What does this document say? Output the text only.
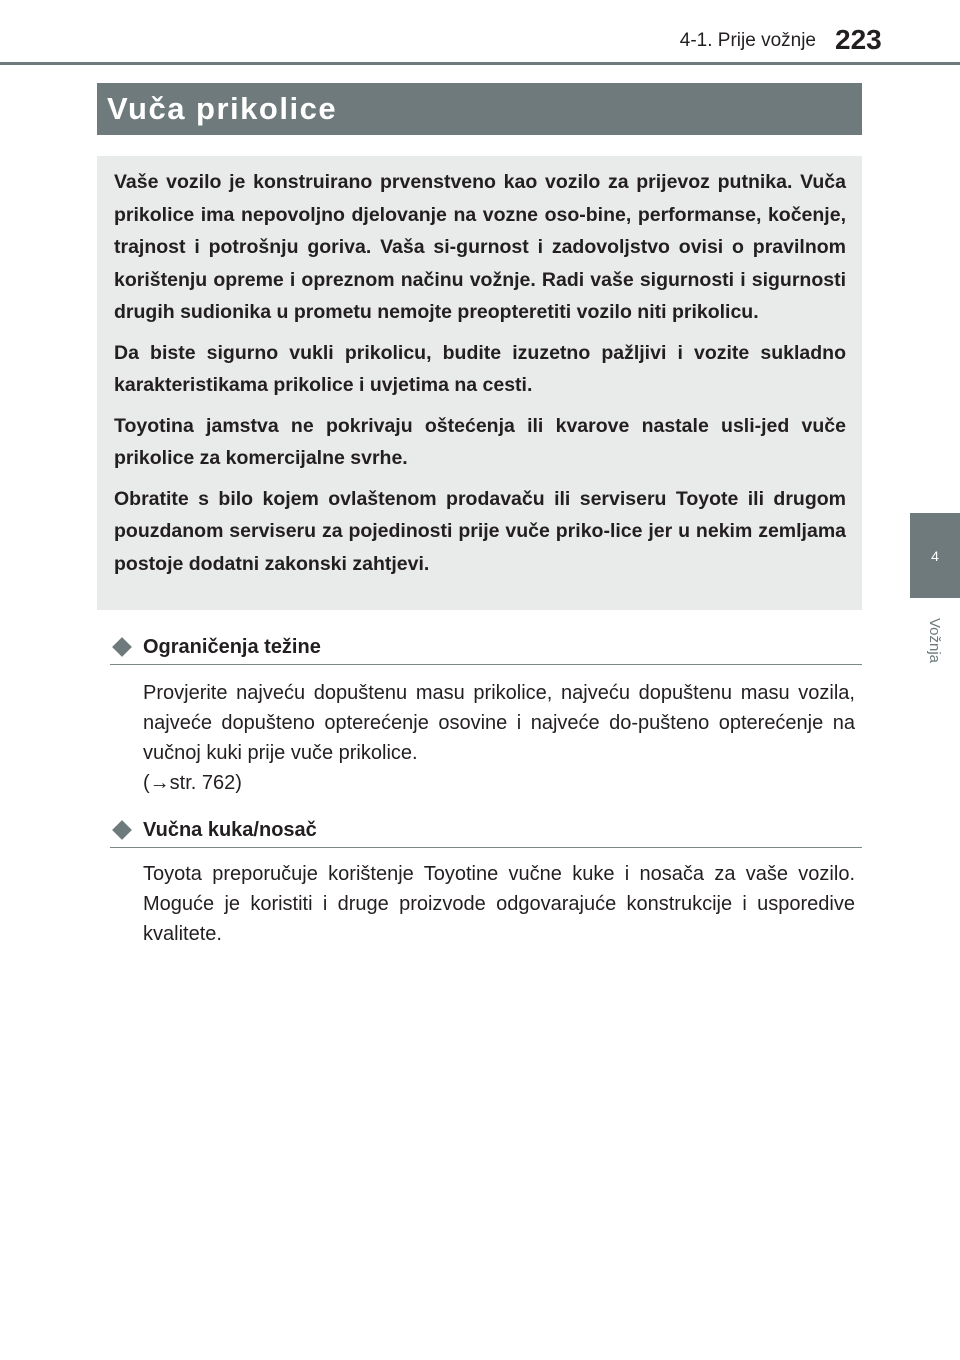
4-1. Prije vožnje 223
4
Vožnja
Vuča prikolice

Vaše vozilo je konstruirano prvenstveno kao vozilo za prijevoz putnika. Vuča prikolice ima nepovoljno djelovanje na vozne oso-bine, performanse, kočenje, trajnost i potrošnju goriva. Vaša si-gurnost i zadovoljstvo ovisi o pravilnom korištenju opreme i opreznom načinu vožnje. Radi vaše sigurnosti i sigurnosti drugih sudionika u prometu nemojte preopteretiti vozilo niti prikolicu.

Da biste sigurno vukli prikolicu, budite izuzetno pažljivi i vozite sukladno karakteristikama prikolice i uvjetima na cesti.

Toyotina jamstva ne pokrivaju oštećenja ili kvarove nastale usli-jed vuče prikolice za komercijalne svrhe.

Obratite s bilo kojem ovlaštenom prodavaču ili serviseru Toyote ili drugom pouzdanom serviseru za pojedinosti prije vuče priko-lice jer u nekim zemljama postoje dodatni zakonski zahtjevi.

Ograničenja težine

Provjerite najveću dopuštenu masu prikolice, najveću dopuštenu masu vozila, najveće dopušteno opterećenje osovine i najveće do-pušteno opterećenje na vučnoj kuki prije vuče prikolice.
(→str. 762)

Vučna kuka/nosač

Toyota preporučuje korištenje Toyotine vučne kuke i nosača za vaše vozilo. Moguće je koristiti i druge proizvode odgovarajuće konstrukcije i usporedive kvalitete.
